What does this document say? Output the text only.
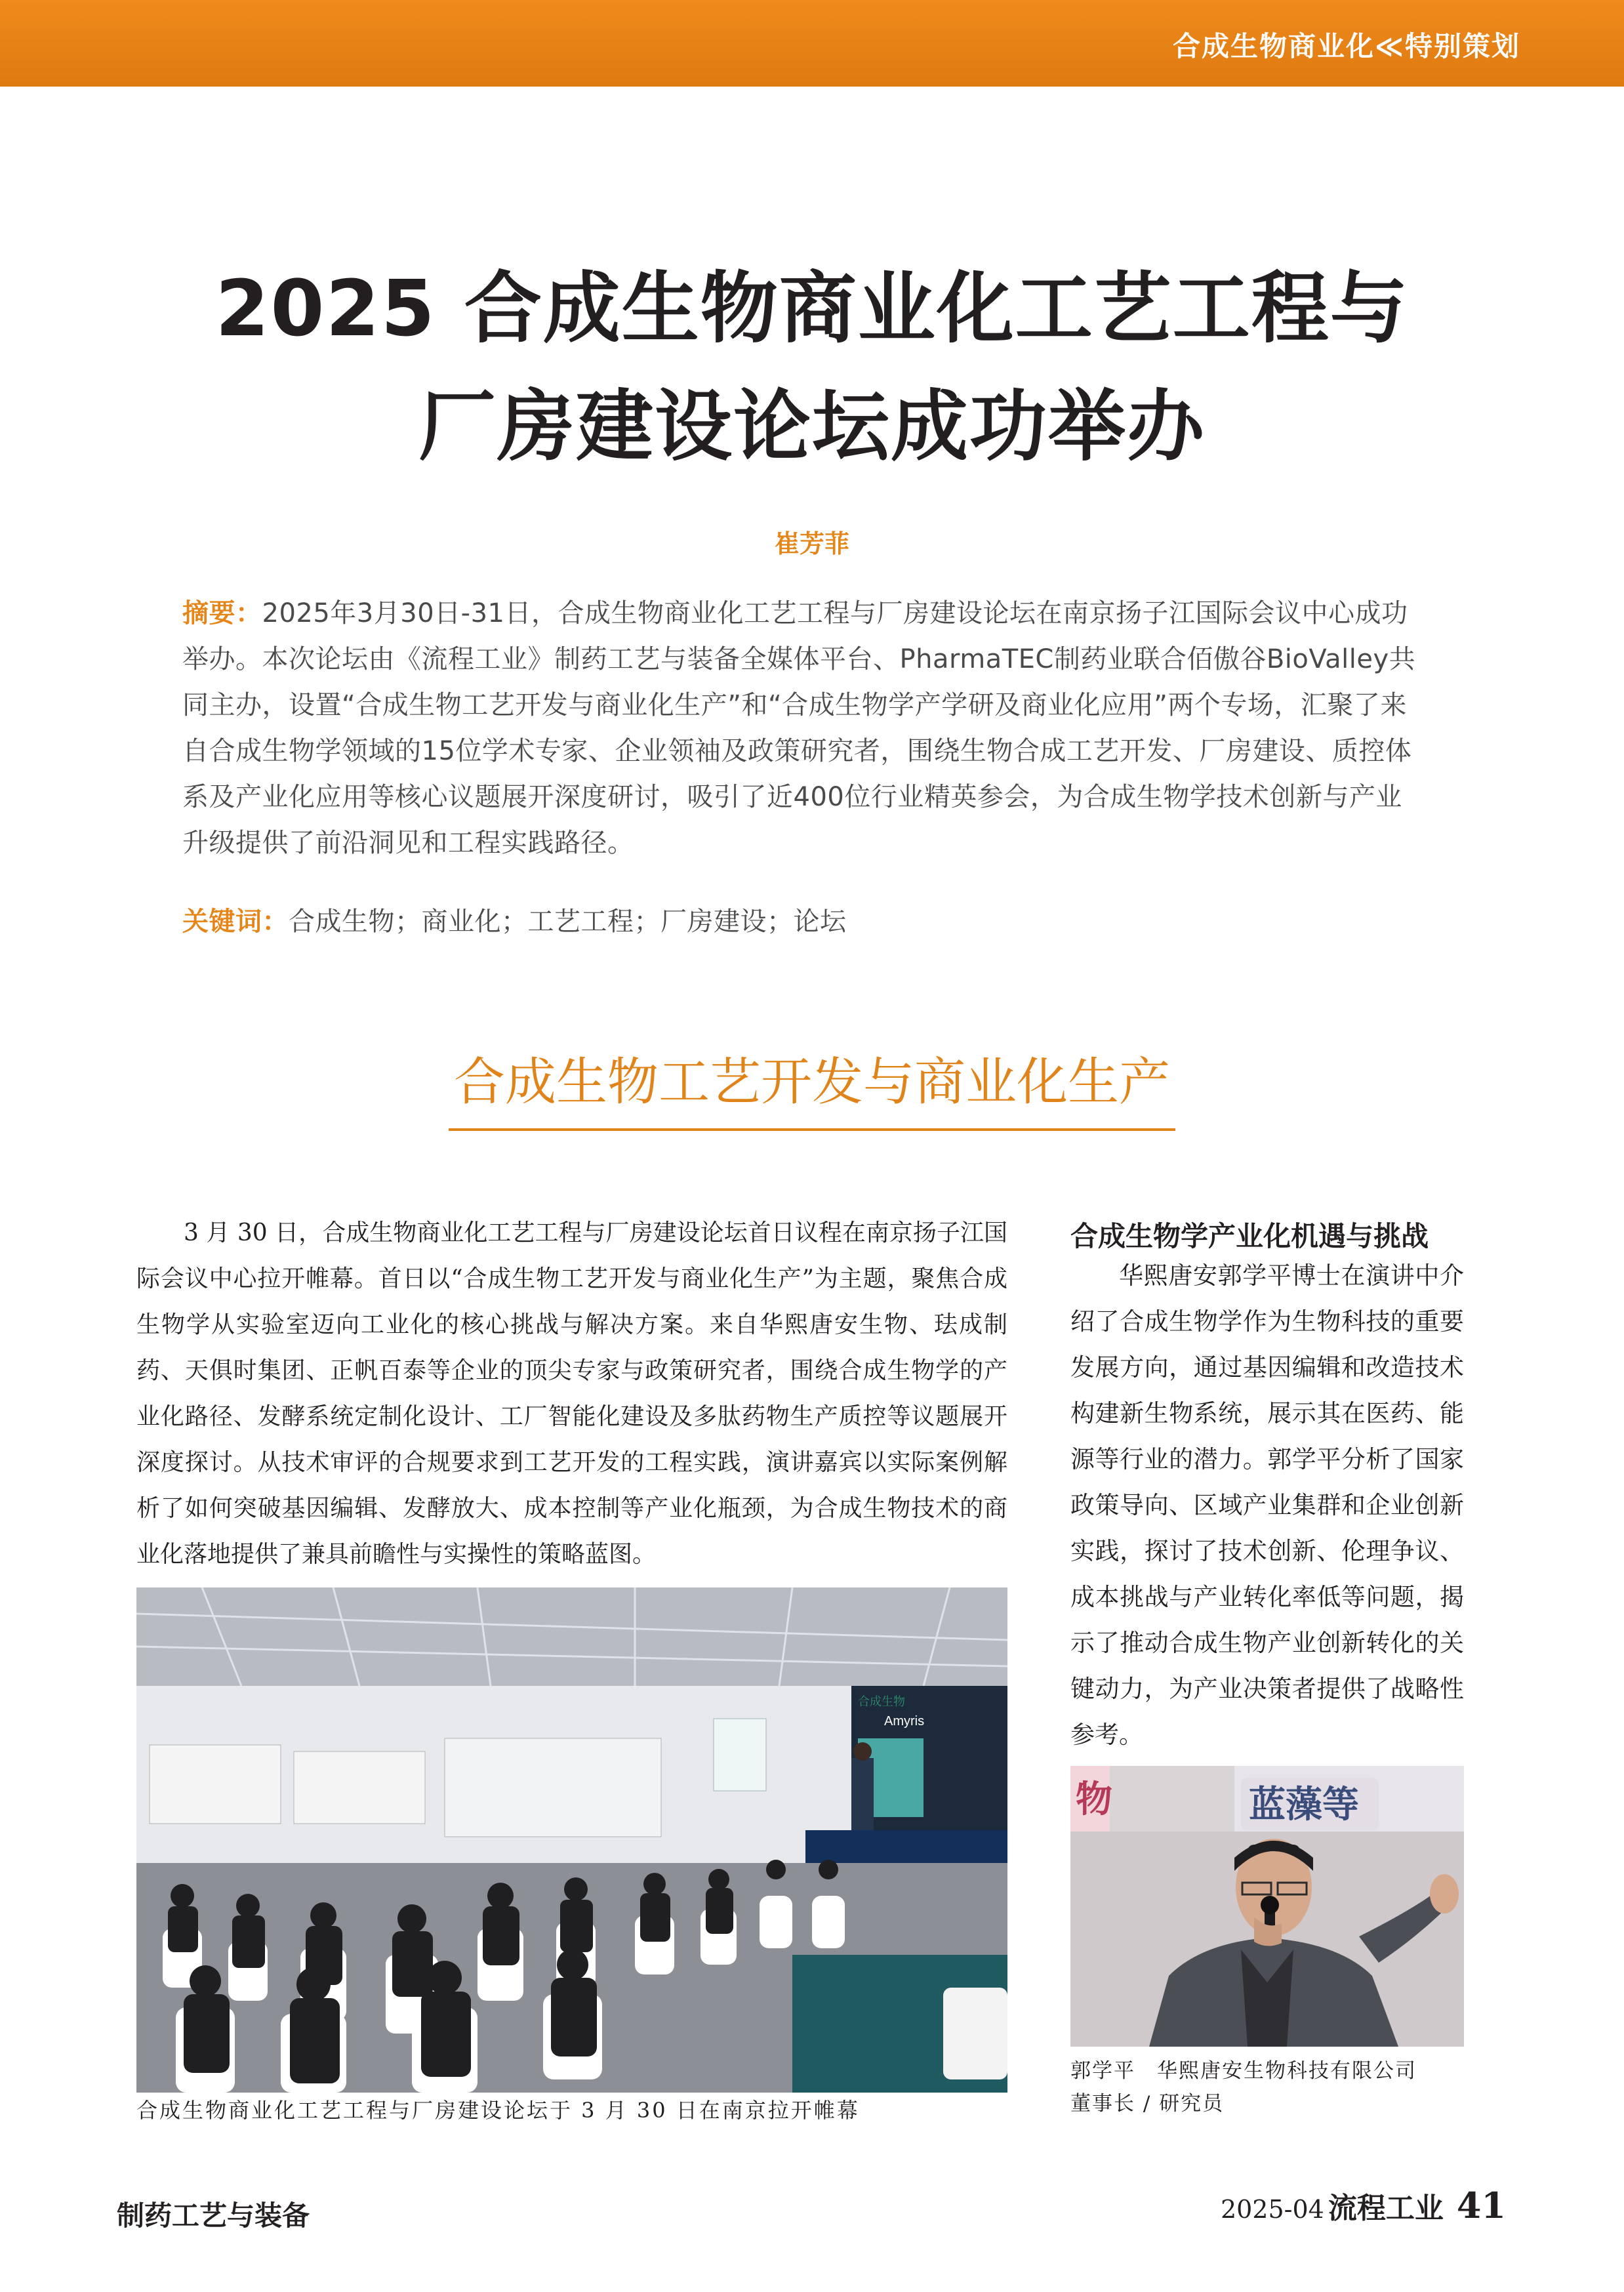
合成生物商业化≪特别策划
2025 合成生物商业化工艺工程与
厂房建设论坛成功举办
崔芳菲
摘要：2025年3月30日-31日，合成生物商业化工艺工程与厂房建设论坛在南京扬子江国际会议中心成功举办。本次论坛由《流程工业》制药工艺与装备全媒体平台、PharmaTEC制药业联合佰傲谷BioValley共同主办，设置“合成生物工艺开发与商业化生产”和“合成生物学产学研及商业化应用”两个专场，汇聚了来自合成生物学领域的15位学术专家、企业领袖及政策研究者，围绕生物合成工艺开发、厂房建设、质控体系及产业化应用等核心议题展开深度研讨，吸引了近400位行业精英参会，为合成生物学技术创新与产业升级提供了前沿洞见和工程实践路径。
关键词：合成生物；商业化；工艺工程；厂房建设；论坛
合成生物工艺开发与商业化生产
3 月 30 日，合成生物商业化工艺工程与厂房建设论坛首日议程在南京扬子江国际会议中心拉开帷幕。首日以“合成生物工艺开发与商业化生产”为主题，聚焦合成生物学从实验室迈向工业化的核心挑战与解决方案。来自华熙唐安生物、珐成制药、天俱时集团、正帆百泰等企业的顶尖专家与政策研究者，围绕合成生物学的产业化路径、发酵系统定制化设计、工厂智能化建设及多肽药物生产质控等议题展开深度探讨。从技术审评的合规要求到工艺开发的工程实践，演讲嘉宾以实际案例解析了如何突破基因编辑、发酵放大、成本控制等产业化瓶颈，为合成生物技术的商业化落地提供了兼具前瞻性与实操性的策略蓝图。
Amyris
合成生物
合成生物商业化工艺工程与厂房建设论坛于 3 月 30 日在南京拉开帷幕
合成生物学产业化机遇与挑战
华熙唐安郭学平博士在演讲中介绍了合成生物学作为生物科技的重要发展方向，通过基因编辑和改造技术构建新生物系统，展示其在医药、能源等行业的潜力。郭学平分析了国家政策导向、区域产业集群和企业创新实践，探讨了技术创新、伦理争议、成本挑战与产业转化率低等问题，揭示了推动合成生物产业创新转化的关键动力，为产业决策者提供了战略性参考。
物	蓝藻等
郭学平　华熙唐安生物科技有限公司
董事长 / 研究员
制药工艺与装备	2025-04 流程工业 41
